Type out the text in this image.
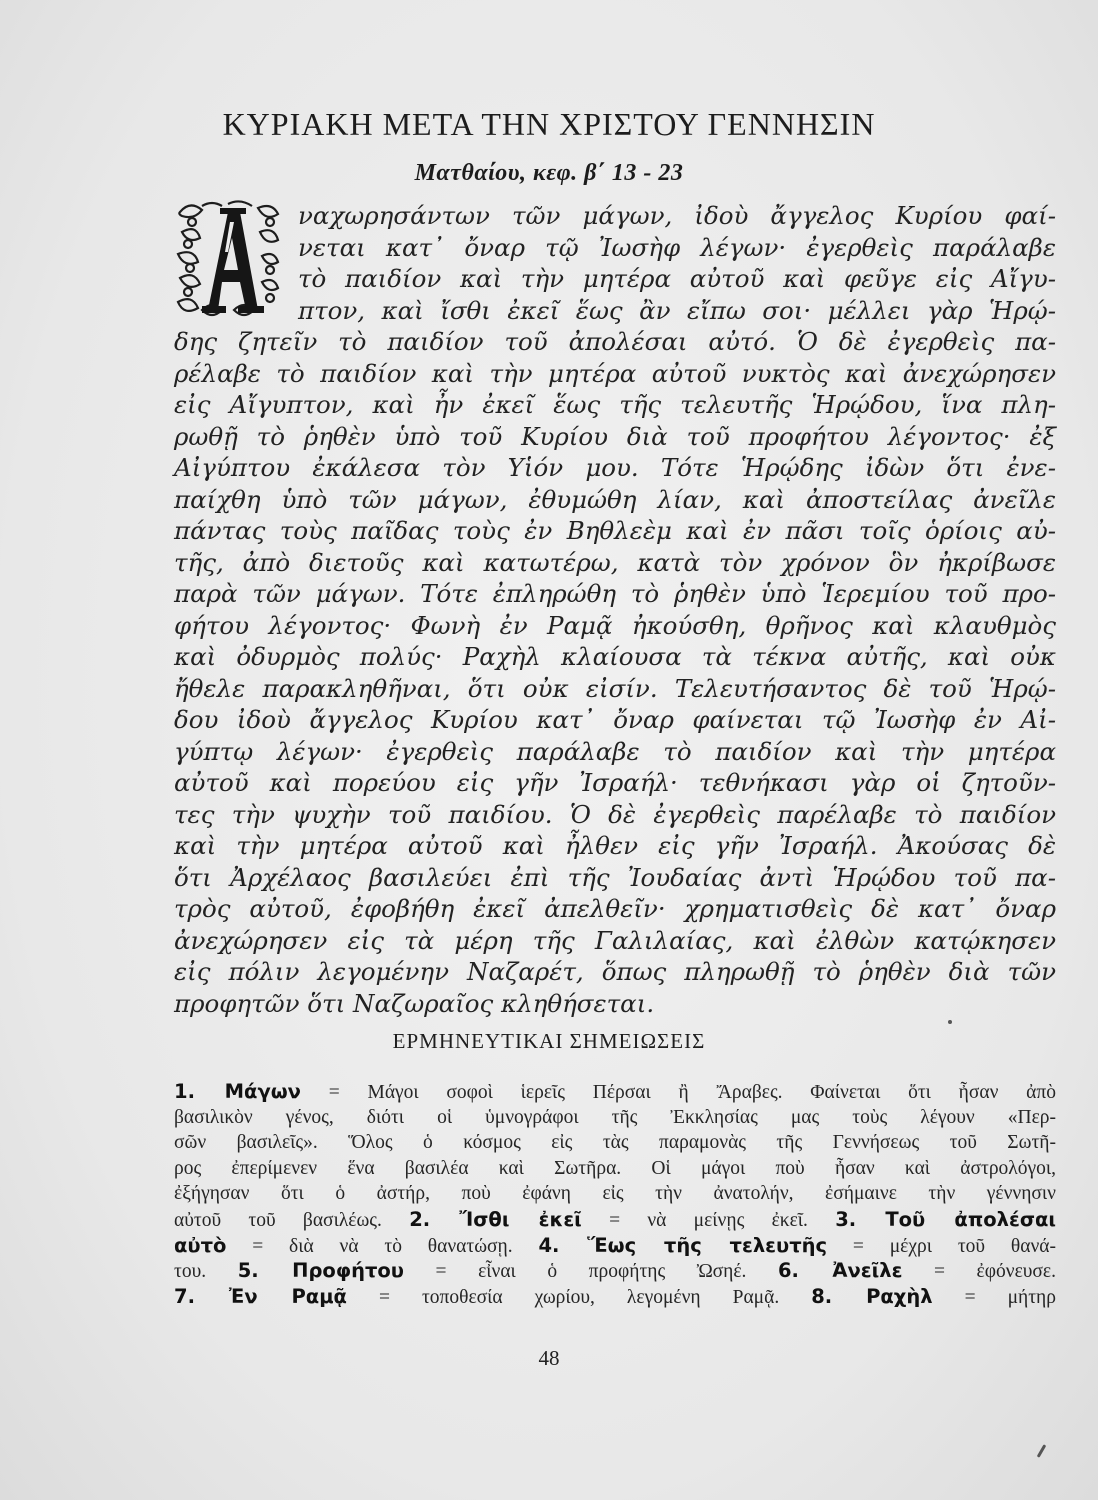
ΚΥΡΙΑΚΗ ΜΕΤΑ ΤΗΝ ΧΡΙΣΤΟΥ ΓΕΝΝΗΣΙΝ
Ματθαίου, κεφ. β΄ 13 - 23
ναχωρησάντων τῶν μάγων, ἰδοὺ ἄγγελος Κυρίου φαί-
νεται κατ᾽ ὄναρ τῷ Ἰωσὴφ λέγων· ἐγερθεὶς παράλαβε
τὸ παιδίον καὶ τὴν μητέρα αὐτοῦ καὶ φεῦγε εἰς Αἴγυ-
πτον, καὶ ἴσθι ἐκεῖ ἕως ἂν εἴπω σοι· μέλλει γὰρ Ἡρῴ-
δης ζητεῖν τὸ παιδίον τοῦ ἀπολέσαι αὐτό. Ὁ δὲ ἐγερθεὶς πα-
ρέλαβε τὸ παιδίον καὶ τὴν μητέρα αὐτοῦ νυκτὸς καὶ ἀνεχώρησεν
εἰς Αἴγυπτον, καὶ ἦν ἐκεῖ ἕως τῆς τελευτῆς Ἡρῴδου, ἵνα πλη-
ρωθῇ τὸ ῥηθὲν ὑπὸ τοῦ Κυρίου διὰ τοῦ προφήτου λέγοντος· ἐξ
Αἰγύπτου ἐκάλεσα τὸν Υἱόν μου. Τότε Ἡρῴδης ἰδὼν ὅτι ἐνε-
παίχθη ὑπὸ τῶν μάγων, ἐθυμώθη λίαν, καὶ ἀποστείλας ἀνεῖλε
πάντας τοὺς παῖδας τοὺς ἐν Βηθλεὲμ καὶ ἐν πᾶσι τοῖς ὁρίοις αὐ-
τῆς, ἀπὸ διετοῦς καὶ κατωτέρω, κατὰ τὸν χρόνον ὃν ἠκρίβωσε
παρὰ τῶν μάγων. Τότε ἐπληρώθη τὸ ῥηθὲν ὑπὸ Ἱερεμίου τοῦ προ-
φήτου λέγοντος· Φωνὴ ἐν Ραμᾷ ἠκούσθη, θρῆνος καὶ κλαυθμὸς
καὶ ὀδυρμὸς πολύς· Ραχὴλ κλαίουσα τὰ τέκνα αὐτῆς, καὶ οὐκ
ἤθελε παρακληθῆναι, ὅτι οὐκ εἰσίν. Τελευτήσαντος δὲ τοῦ Ἡρῴ-
δου ἰδοὺ ἄγγελος Κυρίου κατ᾽ ὄναρ φαίνεται τῷ Ἰωσὴφ ἐν Αἰ-
γύπτῳ λέγων· ἐγερθεὶς παράλαβε τὸ παιδίον καὶ τὴν μητέρα
αὐτοῦ καὶ πορεύου εἰς γῆν Ἰσραήλ· τεθνήκασι γὰρ οἱ ζητοῦν-
τες τὴν ψυχὴν τοῦ παιδίου. Ὁ δὲ ἐγερθεὶς παρέλαβε τὸ παιδίον
καὶ τὴν μητέρα αὐτοῦ καὶ ἦλθεν εἰς γῆν Ἰσραήλ. Ἀκούσας δὲ
ὅτι Ἀρχέλαος βασιλεύει ἐπὶ τῆς Ἰουδαίας ἀντὶ Ἡρῴδου τοῦ πα-
τρὸς αὐτοῦ, ἐφοβήθη ἐκεῖ ἀπελθεῖν· χρηματισθεὶς δὲ κατ᾽ ὄναρ
ἀνεχώρησεν εἰς τὰ μέρη τῆς Γαλιλαίας, καὶ ἐλθὼν κατῴκησεν
εἰς πόλιν λεγομένην Ναζαρέτ, ὅπως πληρωθῇ τὸ ῥηθὲν διὰ τῶν
προφητῶν ὅτι Ναζωραῖος κληθήσεται.
ΕΡΜΗΝΕΥΤΙΚΑΙ ΣΗΜΕΙΩΣΕΙΣ
1. Μάγων = Μάγοι σοφοὶ ἱερεῖς Πέρσαι ἢ Ἄραβες. Φαίνεται ὅτι ἦσαν ἀπὸ
βασιλικὸν γένος, διότι οἱ ὑμνογράφοι τῆς Ἐκκλησίας μας τοὺς λέγουν «Περ-
σῶν βασιλεῖς». Ὅλος ὁ κόσμος εἰς τὰς παραμονὰς τῆς Γεννήσεως τοῦ Σωτῆ-
ρος ἐπερίμενεν ἕνα βασιλέα καὶ Σωτῆρα. Οἱ μάγοι ποὺ ἦσαν καὶ ἀστρολόγοι,
ἐξήγησαν ὅτι ὁ ἀστήρ, ποὺ ἐφάνη εἰς τὴν ἀνατολήν, ἐσήμαινε τὴν γέννησιν
αὐτοῦ τοῦ βασιλέως. 2. Ἴσθι ἐκεῖ = νὰ μείνῃς ἐκεῖ. 3. Τοῦ ἀπολέσαι
αὐτὸ = διὰ νὰ τὸ θανατώσῃ. 4. Ἕως τῆς τελευτῆς = μέχρι τοῦ θανά-
του. 5. Προφήτου = εἶναι ὁ προφήτης Ὠσηέ. 6. Ἀνεῖλε = ἐφόνευσε.
7. Ἐν Ραμᾷ = τοποθεσία χωρίου, λεγομένη Ραμᾷ. 8. Ραχὴλ = μήτηρ
48
